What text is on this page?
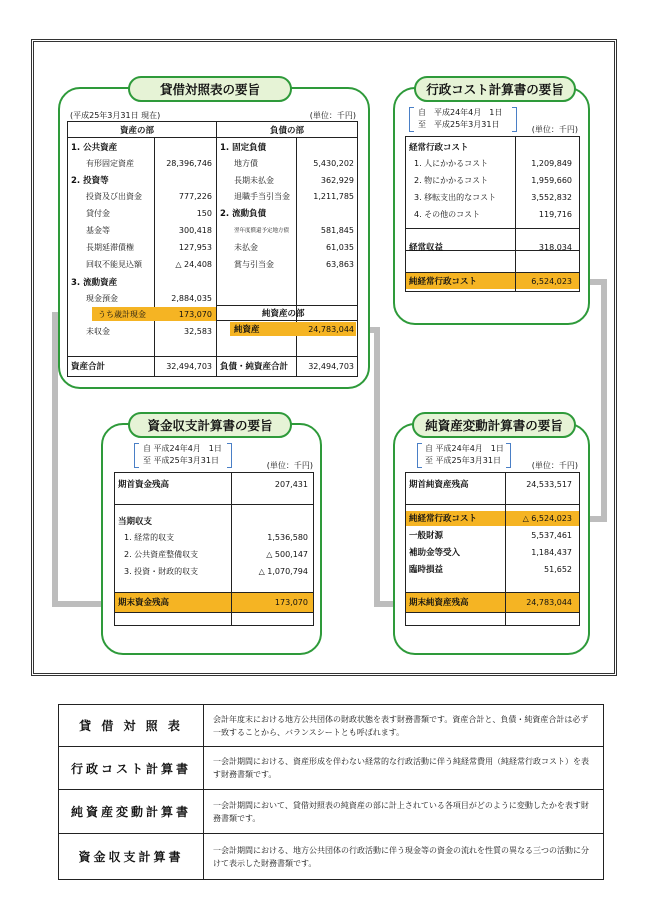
貸借対照表の要旨
(平成25年3月31日 現在)	(単位：千円)
資産の部	負債の部
1. 公共資産
有形固定資産	28,396,746
2. 投資等
投資及び出資金	777,226
貸付金	150
基金等	300,418
長期延滞債権	127,953
回収不能見込額	△ 24,408
3. 流動資産
現金預金	2,884,035
うち歳計現金	173,070
未収金	32,583
1. 固定負債
地方債	5,430,202
長期未払金	362,929
退職手当引当金	1,211,785
2. 流動負債
翌年度償還予定地方債	581,845
未払金	61,035
賞与引当金	63,863
純資産の部
純資産	24,783,044
資産合計	32,494,703 負債・純資産合計	32,494,703
行政コスト計算書の要旨
自　平成24年4月　1日
至　平成25年3月31日
(単位：千円)
経常行政コスト
1. 人にかかるコスト	1,209,849
2. 物にかかるコスト	1,959,660
3. 移転支出的なコスト	3,552,832
4. その他のコスト	119,716
経常収益	318,034
純経常行政コスト	6,524,023
資金収支計算書の要旨
自 平成24年4月　1日
至 平成25年3月31日
(単位：千円)
期首資金残高	207,431
当期収支
1. 経常的収支	1,536,580
2. 公共資産整備収支	△ 500,147
3. 投資・財政的収支	△ 1,070,794
期末資金残高	173,070
純資産変動計算書の要旨
自 平成24年4月　1日
至 平成25年3月31日
(単位：千円)
期首純資産残高	24,533,517
純経常行政コスト	△ 6,524,023
一般財源	5,537,461
補助金等受入	1,184,437
臨時損益	51,652
期末純資産残高	24,783,044
貸 借 対 照 表	会計年度末における地方公共団体の財政状態を表す財務書類です。資産合計と、負債・純資産合計は必ず一致することから、バランスシートとも呼ばれます。
行政コスト計算書	一会計期間における、資産形成を伴わない経常的な行政活動に伴う純経常費用（純経常行政コスト）を表す財務書類です。
純資産変動計算書	一会計期間において、貸借対照表の純資産の部に計上されている各項目がどのように変動したかを表す財務書類です。
資金収支計算書	一会計期間における、地方公共団体の行政活動に伴う現金等の資金の流れを性質の異なる三つの活動に分けて表示した財務書類です。
